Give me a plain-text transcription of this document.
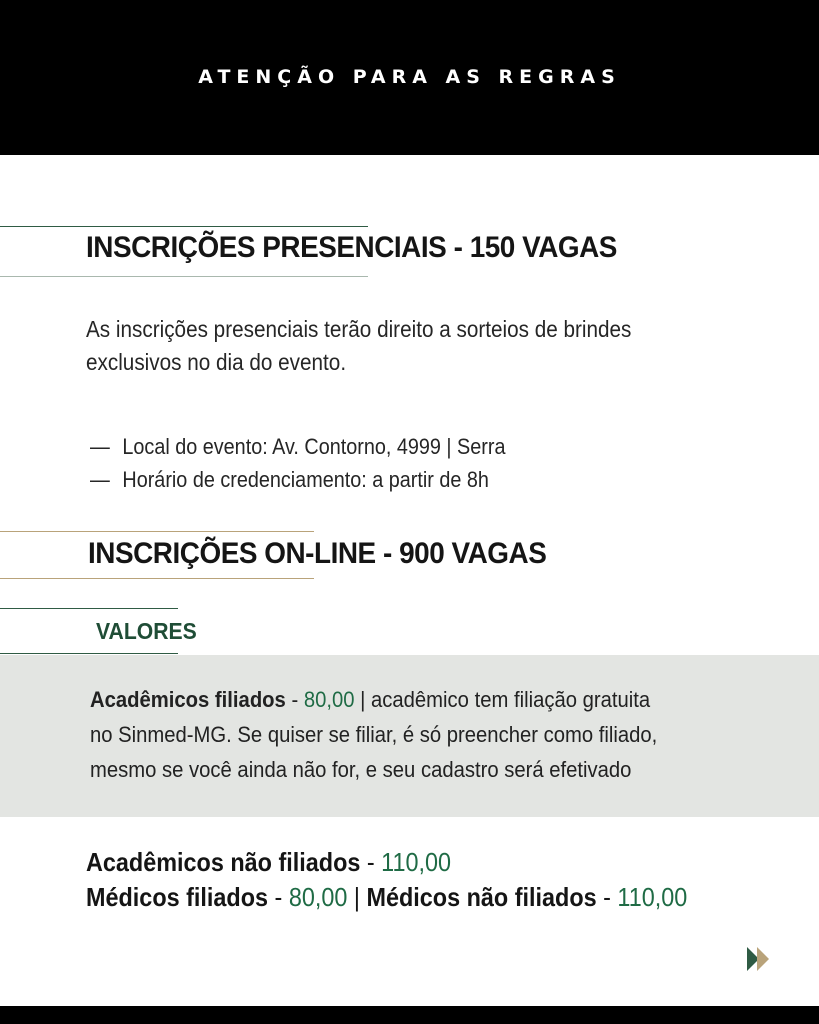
ATENÇÃO PARA AS REGRAS
INSCRIÇÕES PRESENCIAIS - 150 VAGAS
As inscrições presenciais terão direito a sorteios de brindes
exclusivos no dia do evento.
— Local do evento: Av. Contorno, 4999 | Serra
— Horário de credenciamento: a partir de 8h
INSCRIÇÕES ON-LINE - 900 VAGAS
VALORES
Acadêmicos filiados - 80,00 | acadêmico tem filiação gratuita
no Sinmed-MG. Se quiser se filiar, é só preencher como filiado,
mesmo se você ainda não for, e seu cadastro será efetivado
Acadêmicos não filiados - 110,00
Médicos filiados - 80,00 | Médicos não filiados - 110,00
